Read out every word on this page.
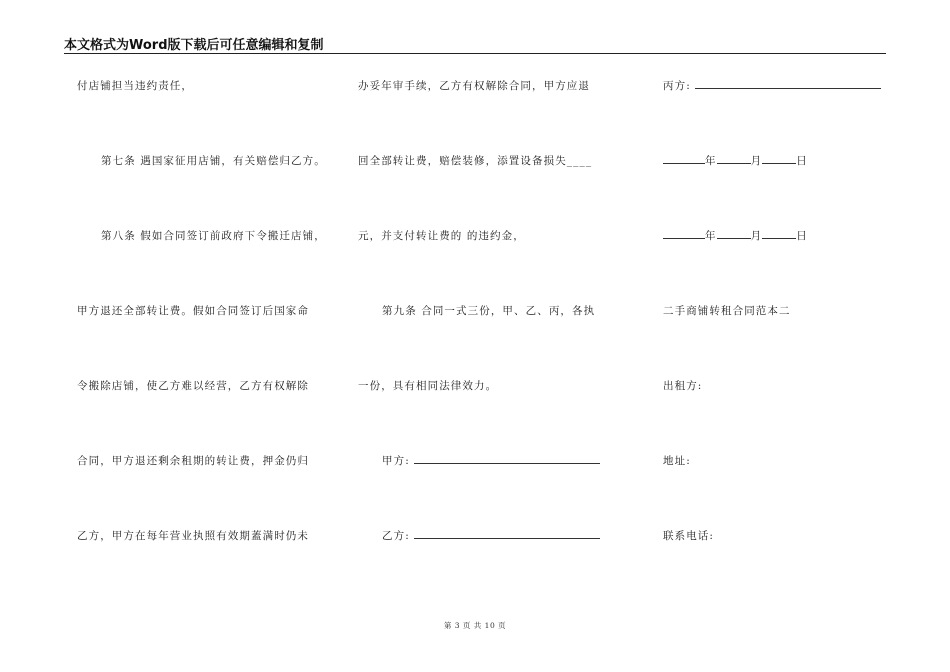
本文格式为Word版下载后可任意编辑和复制
付店铺担当违约责任，
第七条 遇国家征用店铺，有关赔偿归乙方。
第八条 假如合同签订前政府下令搬迁店铺，
甲方退还全部转让费。假如合同签订后国家命
令搬除店铺，使乙方难以经营，乙方有权解除
合同，甲方退还剩余租期的转让费，押金仍归
乙方，甲方在每年营业执照有效期蓋满时仍未
办妥年审手续，乙方有权解除合同，甲方应退
回全部转让费，赔偿装修，添置设备损失____
元，并支付转让费的 的违约金，
第九条 合同一式三份，甲、乙、丙，各执
一份，具有相同法律效力。
甲方:
乙方:
丙方:
年	月	日
年	月	日
二手商铺转租合同范本二
出租方:
地址:
联系电话:
第 3 页 共 10 页
